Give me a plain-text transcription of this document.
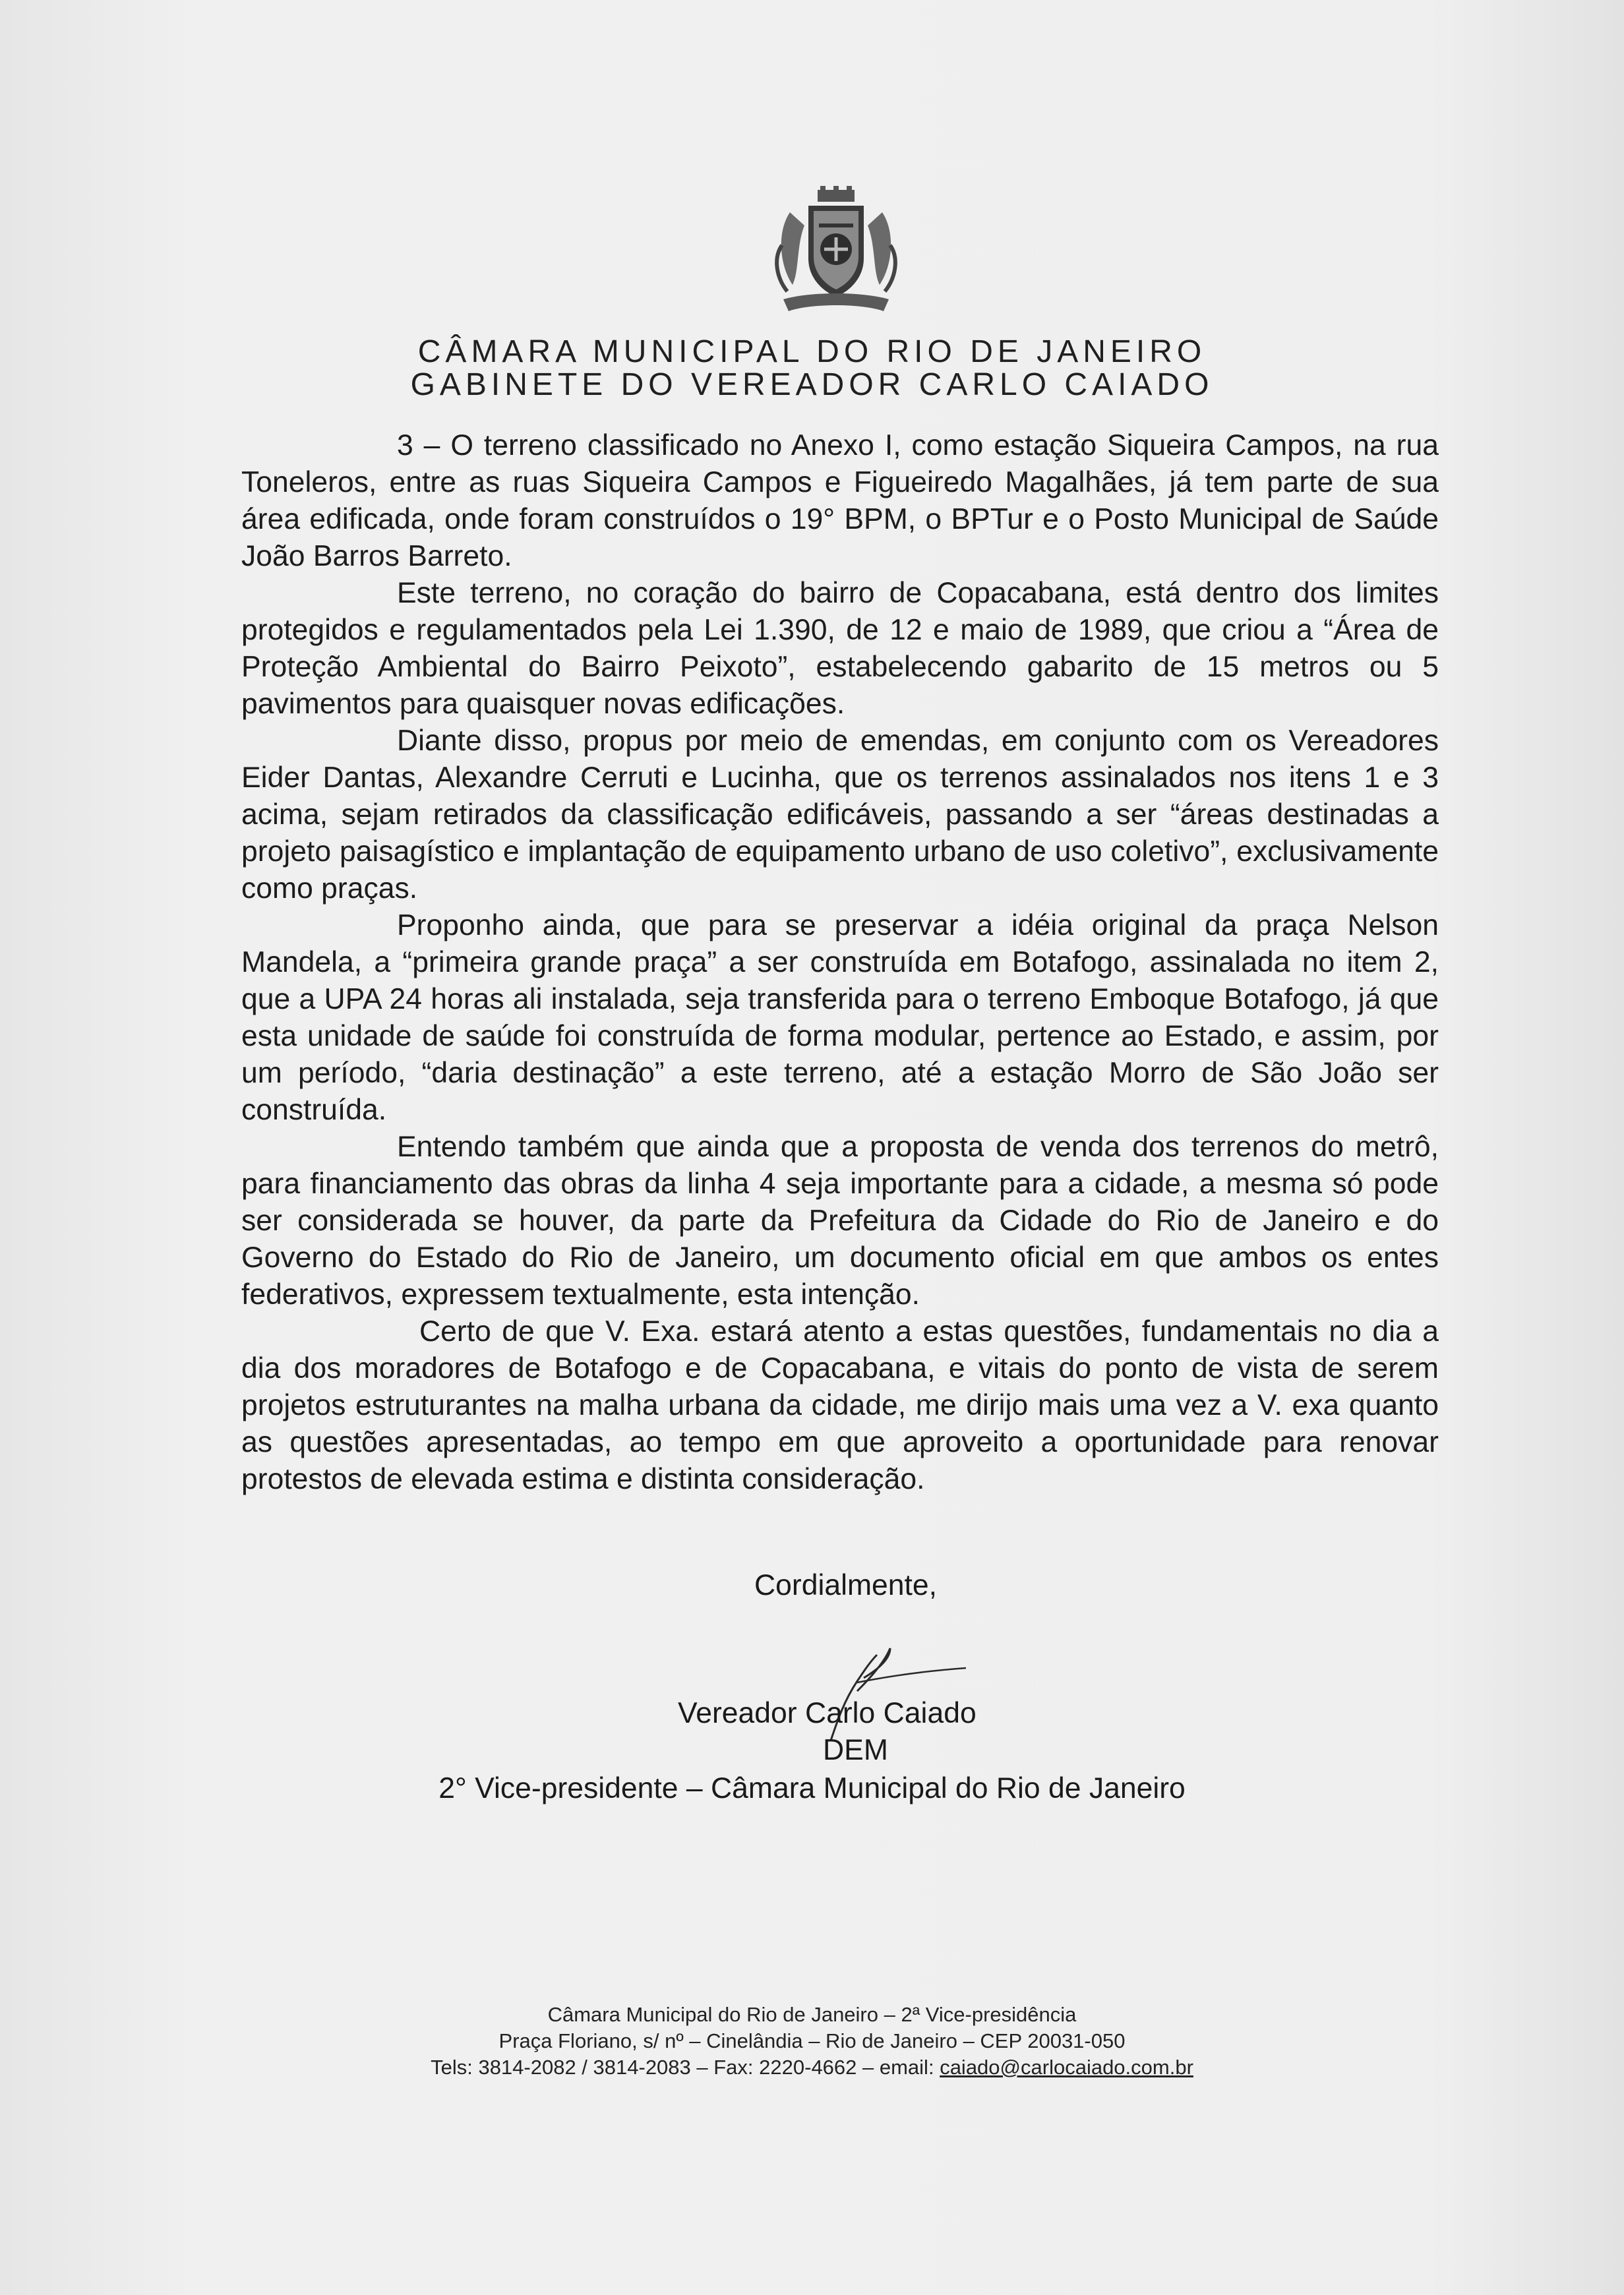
CÂMARA MUNICIPAL DO RIO DE JANEIRO
GABINETE DO VEREADOR CARLO CAIADO

3 – O terreno classificado no Anexo I, como estação Siqueira Campos, na rua Toneleros, entre as ruas Siqueira Campos e Figueiredo Magalhães, já tem parte de sua área edificada, onde foram construídos o 19° BPM, o BPTur e o Posto Municipal de Saúde João Barros Barreto.

Este terreno, no coração do bairro de Copacabana, está dentro dos limites protegidos e regulamentados pela Lei 1.390, de 12 e maio de 1989, que criou a “Área de Proteção Ambiental do Bairro Peixoto”, estabelecendo gabarito de 15 metros ou 5 pavimentos para quaisquer novas edificações.

Diante disso, propus por meio de emendas, em conjunto com os Vereadores Eider Dantas, Alexandre Cerruti e Lucinha, que os terrenos assinalados nos itens 1 e 3 acima, sejam retirados da classificação edificáveis, passando a ser “áreas destinadas a projeto paisagístico e implantação de equipamento urbano de uso coletivo”, exclusivamente como praças.

Proponho ainda, que para se preservar a idéia original da praça Nelson Mandela, a “primeira grande praça” a ser construída em Botafogo, assinalada no item 2, que a UPA 24 horas ali instalada, seja transferida para o terreno Emboque Botafogo, já que esta unidade de saúde foi construída de forma modular, pertence ao Estado, e assim, por um período, “daria destinação” a este terreno, até a estação Morro de São João ser construída.

Entendo também que ainda que a proposta de venda dos terrenos do metrô, para financiamento das obras da linha 4 seja importante para a cidade, a mesma só pode ser considerada se houver, da parte da Prefeitura da Cidade do Rio de Janeiro e do Governo do Estado do Rio de Janeiro, um documento oficial em que ambos os entes federativos, expressem textualmente, esta intenção.

Certo de que V. Exa. estará atento a estas questões, fundamentais no dia a dia dos moradores de Botafogo e de Copacabana, e vitais do ponto de vista de serem projetos estruturantes na malha urbana da cidade, me dirijo mais uma vez a V. exa quanto as questões apresentadas, ao tempo em que aproveito a oportunidade para renovar protestos de elevada estima e distinta consideração.

Cordialmente,
Vereador Carlo Caiado
DEM
2° Vice-presidente – Câmara Municipal do Rio de Janeiro
Câmara Municipal do Rio de Janeiro – 2ª Vice-presidência
Praça Floriano, s/ nº – Cinelândia – Rio de Janeiro – CEP 20031-050
Tels: 3814-2082 / 3814-2083 – Fax: 2220-4662 – email: caiado@carlocaiado.com.br
